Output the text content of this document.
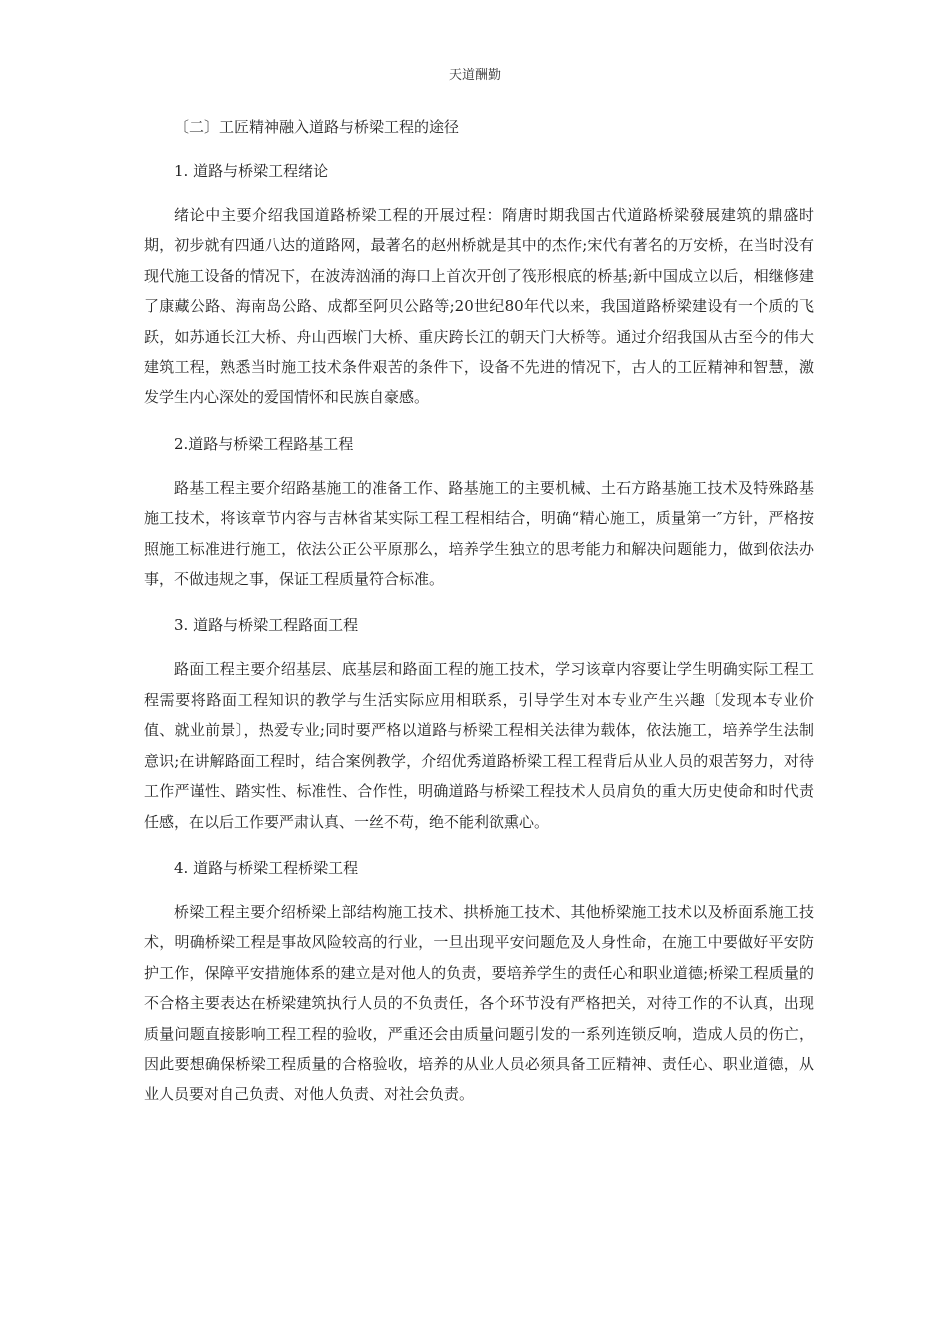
天道酬勤

〔二〕工匠精神融入道路与桥梁工程的途径

1. 道路与桥梁工程绪论

绪论中主要介绍我国道路桥梁工程的开展过程：隋唐时期我国古代道路桥梁發展建筑的鼎盛时期，初步就有四通八达的道路网，最著名的赵州桥就是其中的杰作;宋代有著名的万安桥，在当时没有现代施工设备的情况下，在波涛汹涌的海口上首次开创了筏形根底的桥基;新中国成立以后，相继修建了康藏公路、海南岛公路、成都至阿贝公路等;20世纪80年代以来，我国道路桥梁建设有一个质的飞跃，如苏通长江大桥、舟山西堠门大桥、重庆跨长江的朝天门大桥等。通过介绍我国从古至今的伟大建筑工程，熟悉当时施工技术条件艰苦的条件下，设备不先进的情况下，古人的工匠精神和智慧，激发学生内心深处的爱国情怀和民族自豪感。

2.道路与桥梁工程路基工程

路基工程主要介绍路基施工的准备工作、路基施工的主要机械、土石方路基施工技术及特殊路基施工技术，将该章节内容与吉林省某实际工程工程相结合，明确“精心施工，质量第一″方针，严格按照施工标准进行施工，依法公正公平原那么，培养学生独立的思考能力和解决问题能力，做到依法办事，不做违规之事，保证工程质量符合标准。

3. 道路与桥梁工程路面工程

路面工程主要介绍基层、底基层和路面工程的施工技术，学习该章内容要让学生明确实际工程工程需要将路面工程知识的教学与生活实际应用相联系，引导学生对本专业产生兴趣〔发现本专业价值、就业前景〕，热爱专业;同时要严格以道路与桥梁工程相关法律为载体，依法施工，培养学生法制意识;在讲解路面工程时，结合案例教学，介绍优秀道路桥梁工程工程背后从业人员的艰苦努力，对待工作严谨性、踏实性、标准性、合作性，明确道路与桥梁工程技术人员肩负的重大历史使命和时代责任感，在以后工作要严肃认真、一丝不苟，绝不能利欲熏心。

4. 道路与桥梁工程桥梁工程

桥梁工程主要介绍桥梁上部结构施工技术、拱桥施工技术、其他桥梁施工技术以及桥面系施工技术，明确桥梁工程是事故风险较高的行业，一旦出现平安问题危及人身性命，在施工中要做好平安防护工作，保障平安措施体系的建立是对他人的负责，要培养学生的责任心和职业道德;桥梁工程质量的不合格主要表达在桥梁建筑执行人员的不负责任，各个环节没有严格把关，对待工作的不认真，出现质量问题直接影响工程工程的验收，严重还会由质量问题引发的一系列连锁反响，造成人员的伤亡，因此要想确保桥梁工程质量的合格验收，培养的从业人员必须具备工匠精神、责任心、职业道德，从业人员要对自己负责、对他人负责、对社会负责。
